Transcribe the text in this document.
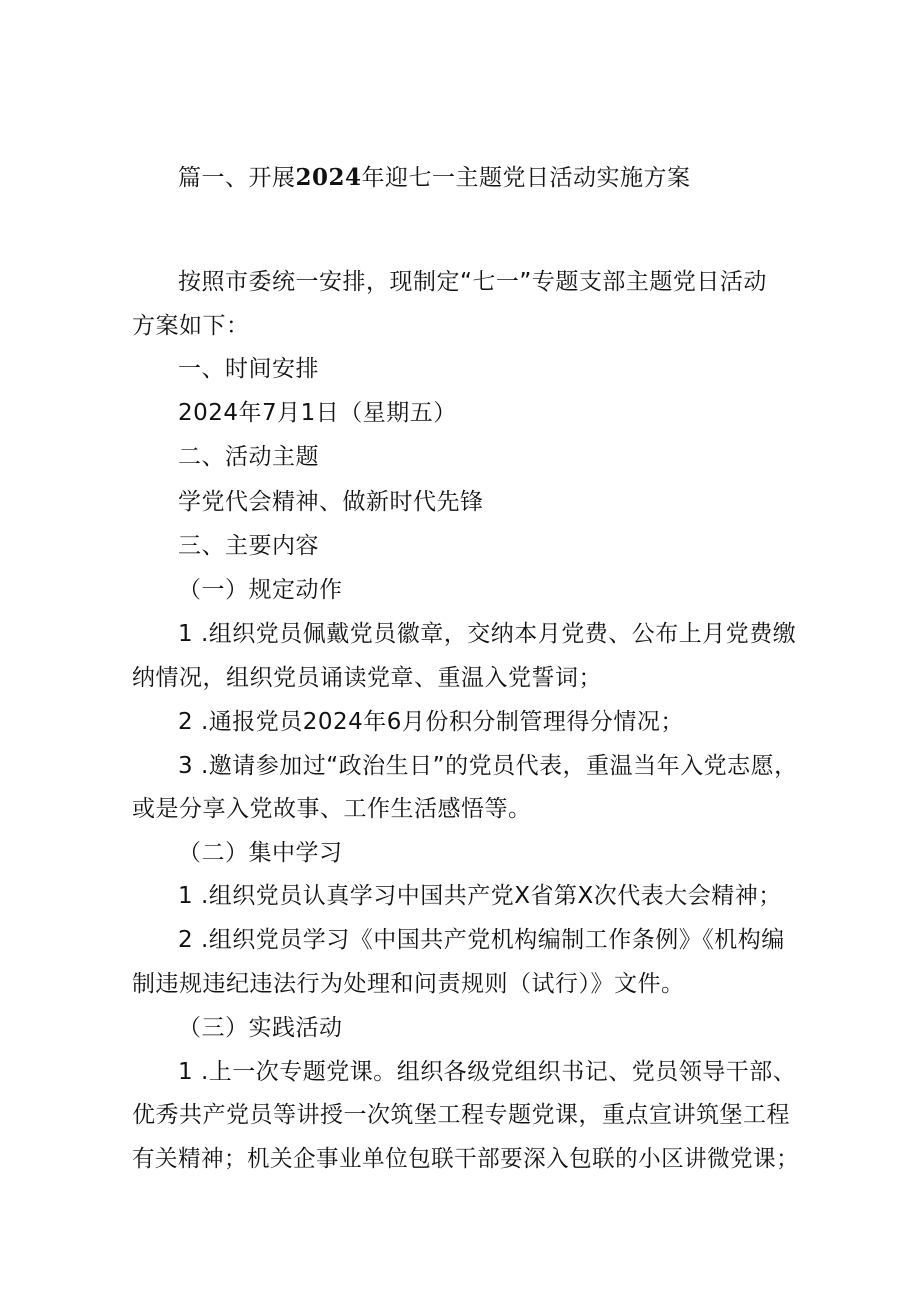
篇一、开展2024年迎七一主题党日活动实施方案
按照市委统一安排，现制定“七一”专题支部主题党日活动
方案如下：
一、时间安排
2024年7月1日（星期五）
二、活动主题
学党代会精神、做新时代先锋
三、主要内容
（一）规定动作
1 .组织党员佩戴党员徽章，交纳本月党费、公布上月党费缴
纳情况，组织党员诵读党章、重温入党誓词；
2 .通报党员2024年6月份积分制管理得分情况；
3 .邀请参加过“政治生日”的党员代表，重温当年入党志愿，
或是分享入党故事、工作生活感悟等。
（二）集中学习
1 .组织党员认真学习中国共产党X省第X次代表大会精神；
2 .组织党员学习《中国共产党机构编制工作条例》《机构编
制违规违纪违法行为处理和问责规则（试行）》文件。
（三）实践活动
1 .上一次专题党课。组织各级党组织书记、党员领导干部、
优秀共产党员等讲授一次筑堡工程专题党课，重点宣讲筑堡工程
有关精神；机关企事业单位包联干部要深入包联的小区讲微党课；
